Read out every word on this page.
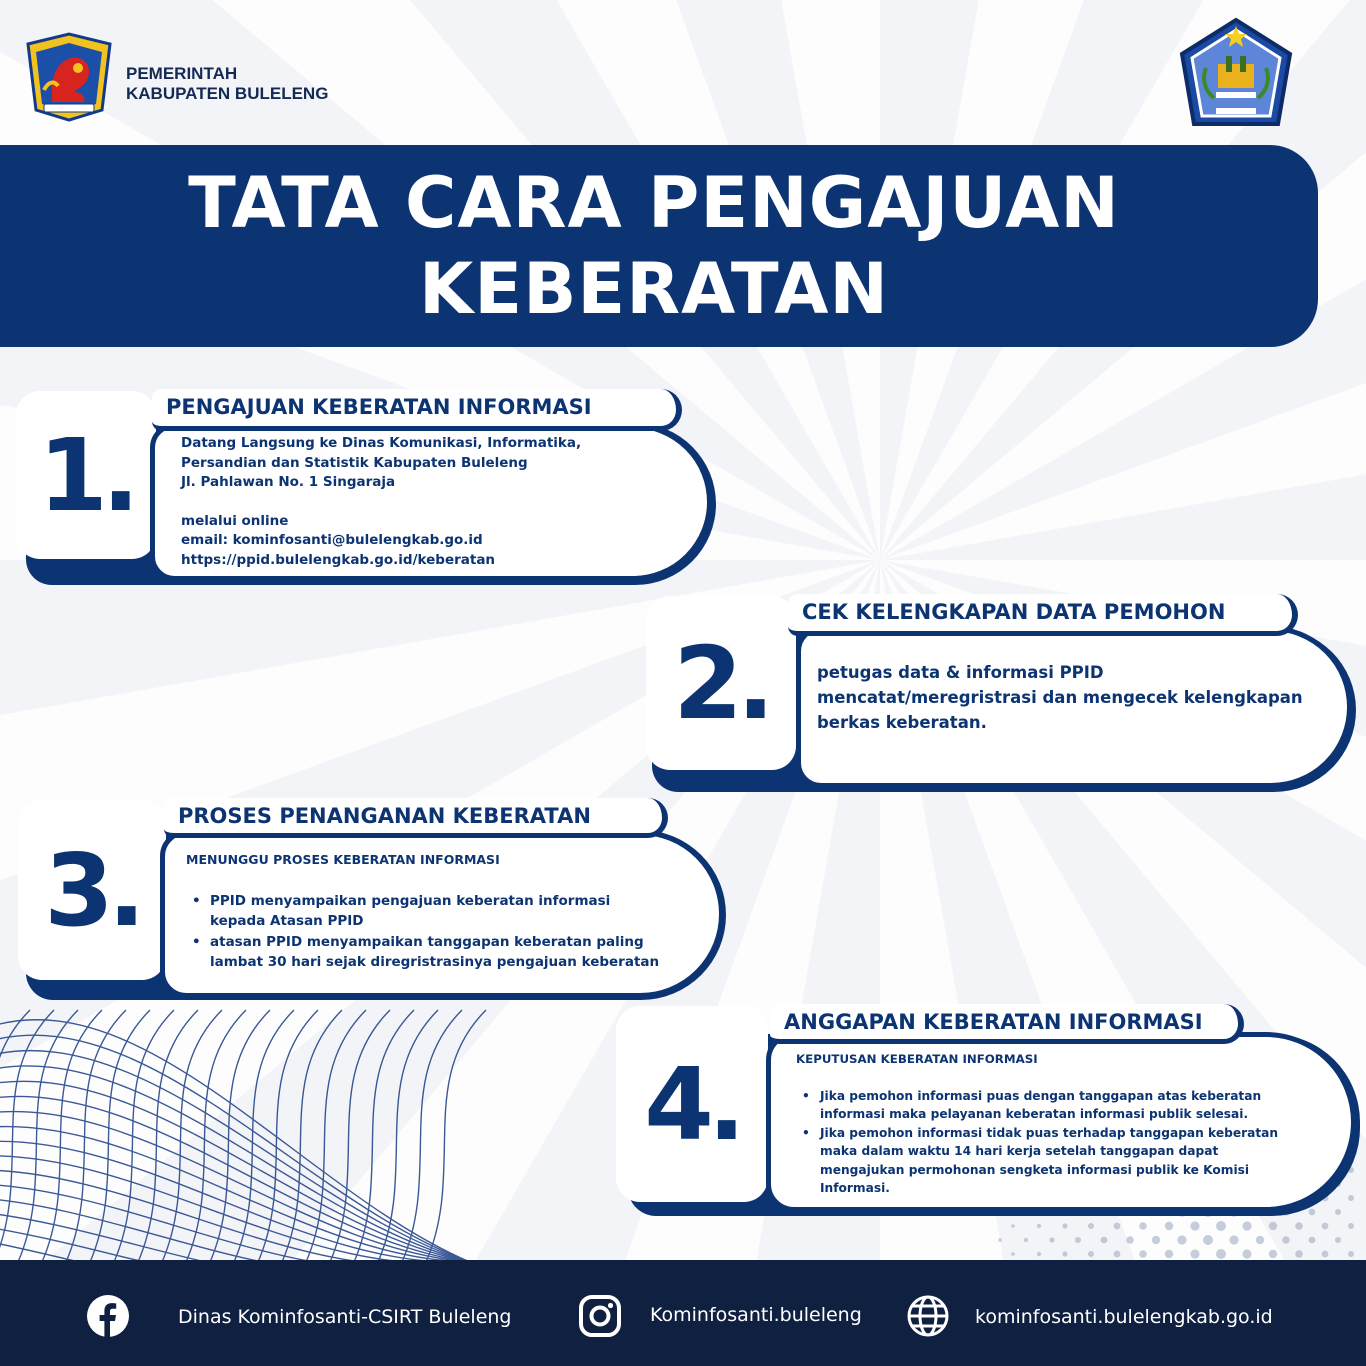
PEMERINTAH
KABUPATEN BULELENG
TATA CARA PENGAJUAN
KEBERATAN
1.
PENGAJUAN KEBERATAN INFORMASI
Datang Langsung ke Dinas Komunikasi, Informatika,
Persandian dan Statistik Kabupaten Buleleng
Jl. Pahlawan No. 1 Singaraja
melalui online
email: kominfosanti@bulelengkab.go.id
https://ppid.bulelengkab.go.id/keberatan
2.
CEK KELENGKAPAN DATA PEMOHON
petugas data & informasi PPID
mencatat/meregristrasi dan mengecek kelengkapan
berkas keberatan.
3.
PROSES PENANGANAN KEBERATAN
MENUNGGU PROSES KEBERATAN INFORMASI
• PPID menyampaikan pengajuan keberatan informasi
kepada Atasan PPID
• atasan PPID menyampaikan tanggapan keberatan paling
lambat 30 hari sejak diregristrasinya pengajuan keberatan
4.
ANGGAPAN KEBERATAN INFORMASI
KEPUTUSAN KEBERATAN INFORMASI
• Jika pemohon informasi puas dengan tanggapan atas keberatan
informasi maka pelayanan keberatan informasi publik selesai.
• Jika pemohon informasi tidak puas terhadap tanggapan keberatan
maka dalam waktu 14 hari kerja setelah tanggapan dapat
mengajukan permohonan sengketa informasi publik ke Komisi
Informasi.
Dinas Kominfosanti-CSIRT Buleleng	Kominfosanti.buleleng	kominfosanti.bulelengkab.go.id
